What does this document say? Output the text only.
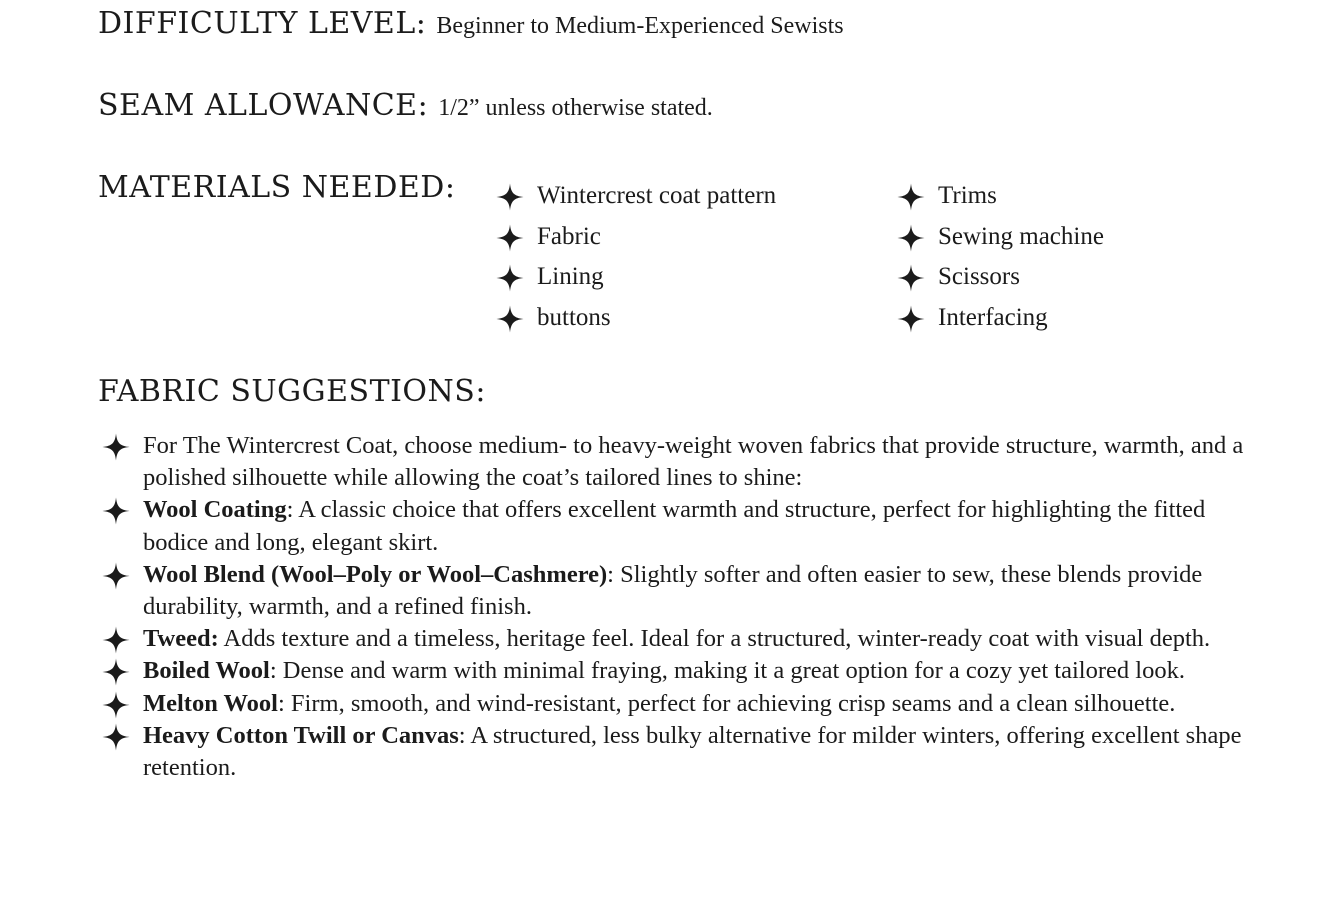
DIFFICULTY LEVEL: Beginner to Medium-Experienced Sewists
SEAM ALLOWANCE: 1/2” unless otherwise stated.
MATERIALS NEEDED:	Wintercrest coat pattern
Fabric
Lining
buttons
Trims
Sewing machine
Scissors
Interfacing
FABRIC SUGGESTIONS:
For The Wintercrest Coat, choose medium- to heavy-weight woven fabrics that provide structure, warmth, and a polished silhouette while allowing the coat’s tailored lines to shine:
Wool Coating: A classic choice that offers excellent warmth and structure, perfect for highlighting the fitted bodice and long, elegant skirt.
Wool Blend (Wool–Poly or Wool–Cashmere): Slightly softer and often easier to sew, these blends provide durability, warmth, and a refined finish.
Tweed: Adds texture and a timeless, heritage feel. Ideal for a structured, winter-ready coat with visual depth.
Boiled Wool: Dense and warm with minimal fraying, making it a great option for a cozy yet tailored look.
Melton Wool: Firm, smooth, and wind-resistant, perfect for achieving crisp seams and a clean silhouette.
Heavy Cotton Twill or Canvas: A structured, less bulky alternative for milder winters, offering excellent shape retention.
